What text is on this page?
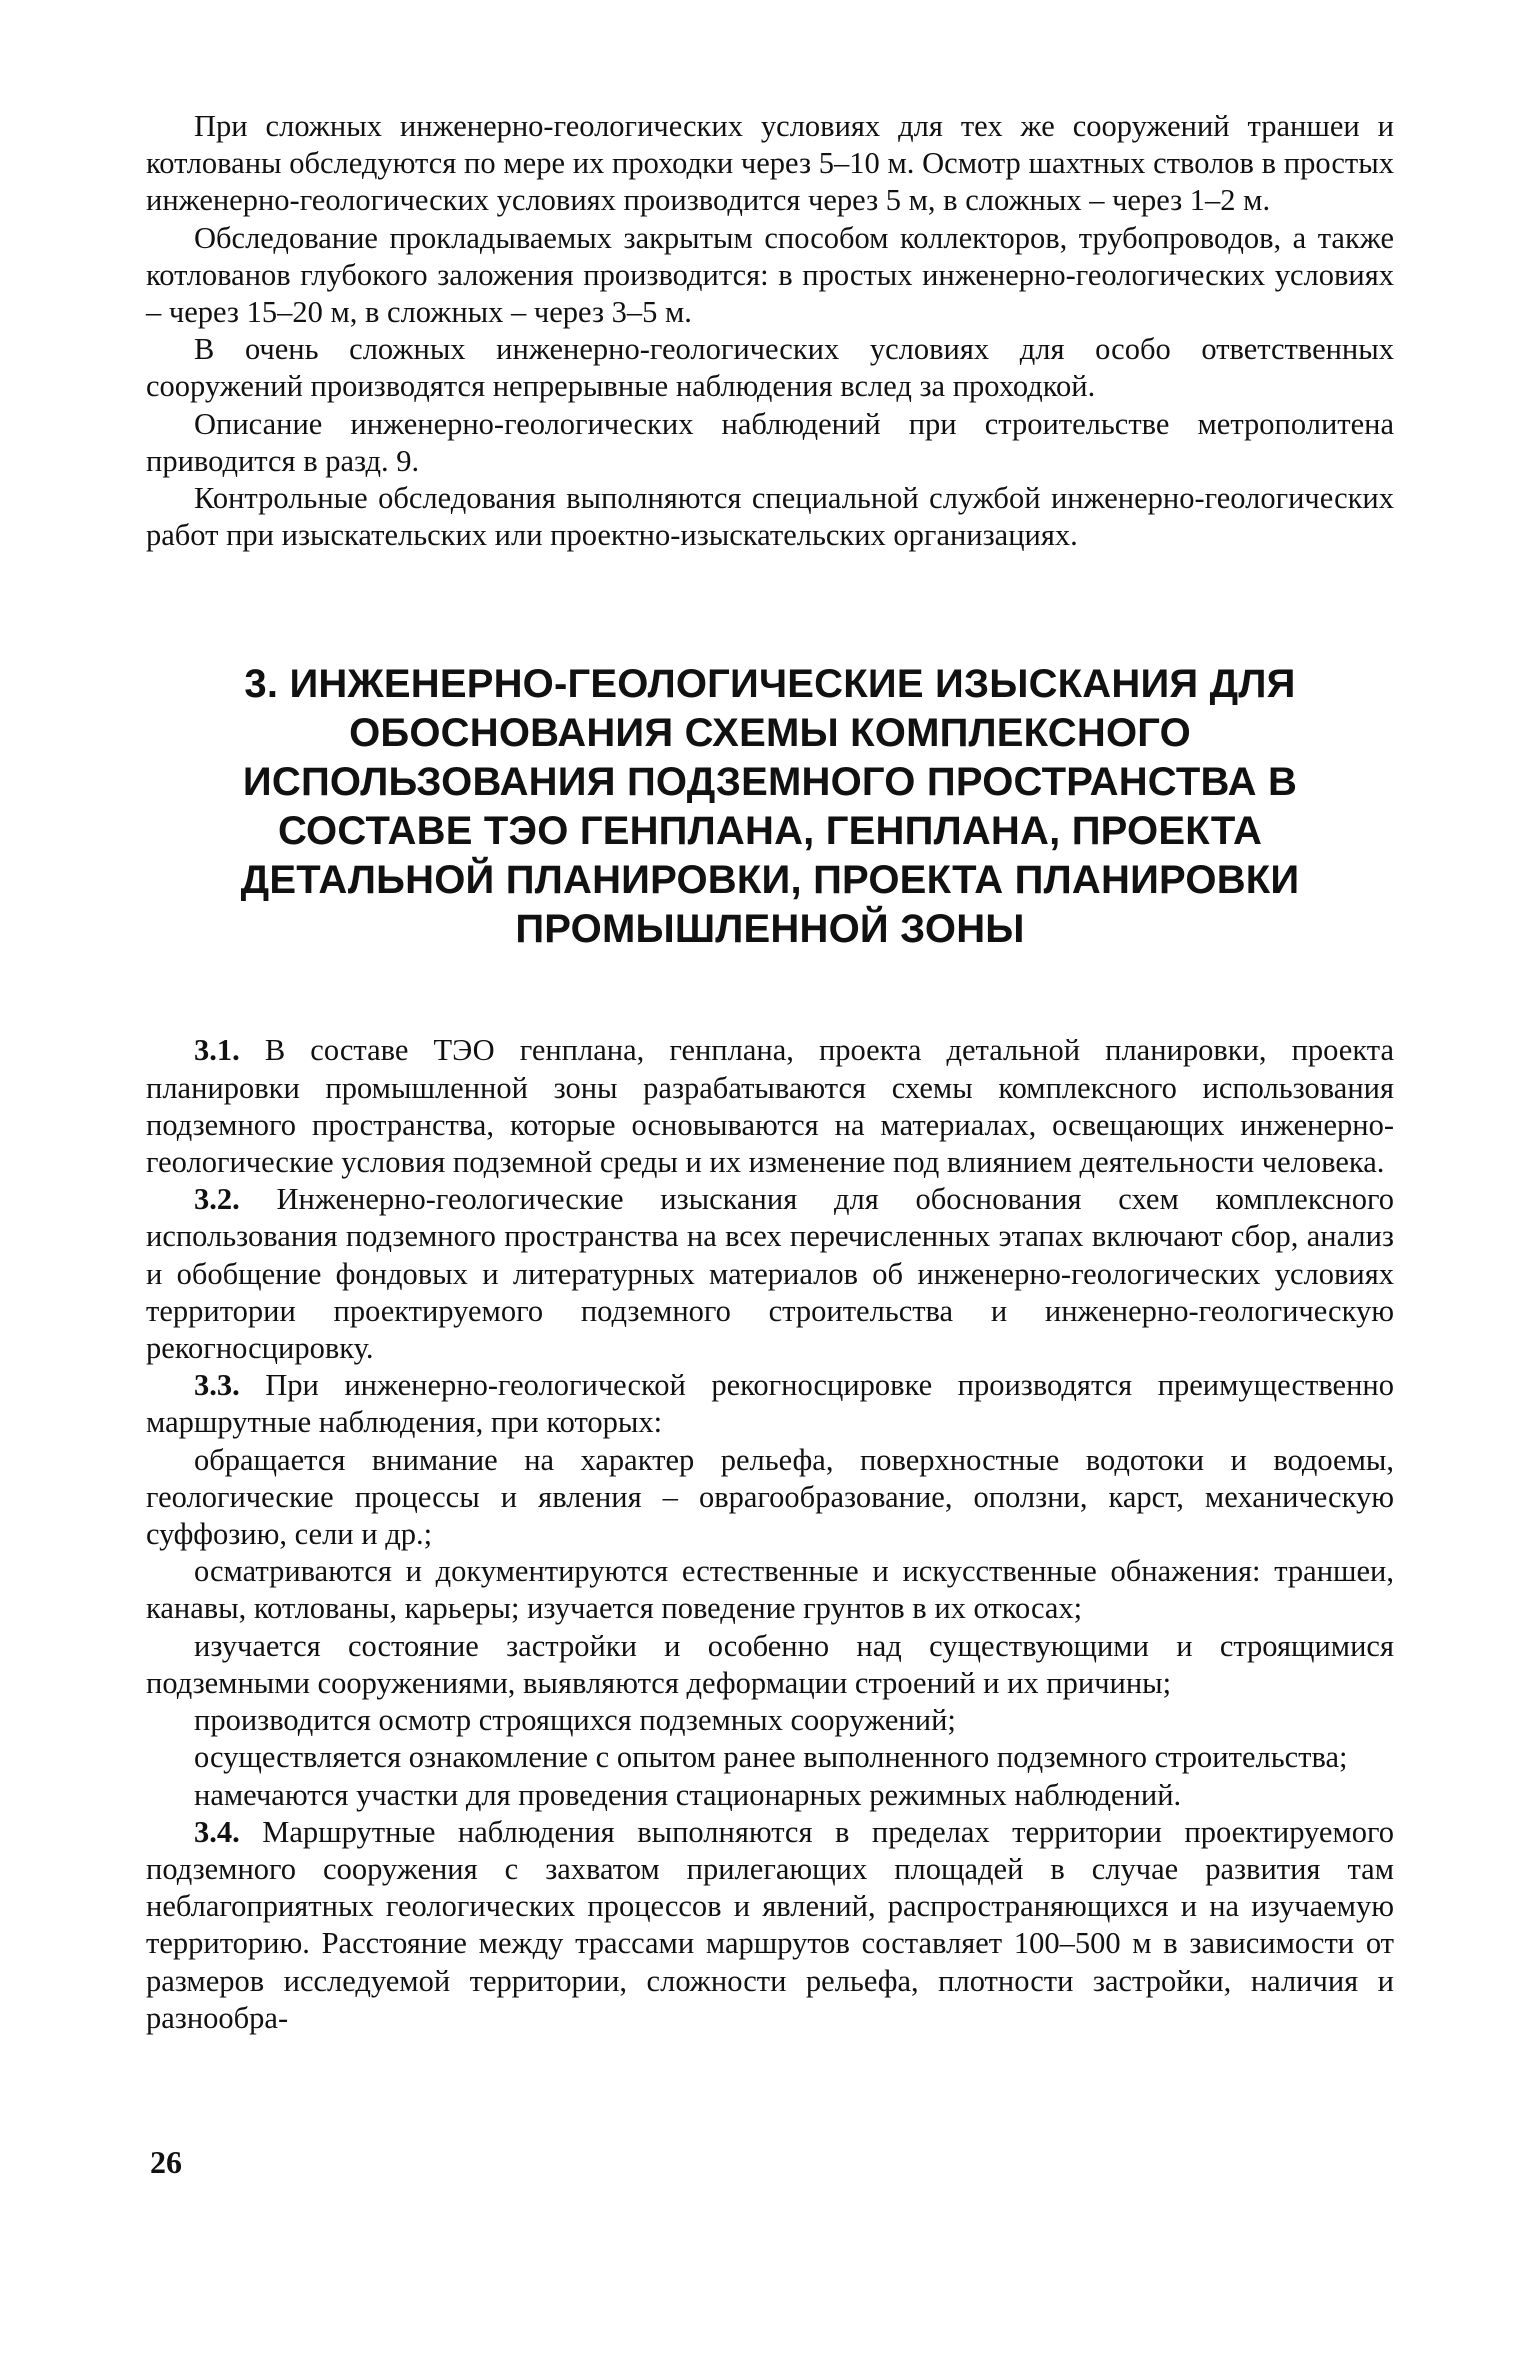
При сложных инженерно-геологических условиях для тех же сооружений траншеи и котлованы обследуются по мере их проходки через 5–10 м. Осмотр шахтных стволов в простых инженерно-геологических условиях производится через 5 м, в сложных – через 1–2 м.

Обследование прокладываемых закрытым способом коллекторов, трубопроводов, а также котлованов глубокого заложения производится: в простых инженерно-геологических условиях – через 15–20 м, в сложных – через 3–5 м.

В очень сложных инженерно-геологических условиях для особо ответственных сооружений производятся непрерывные наблюдения вслед за проходкой.

Описание инженерно-геологических наблюдений при строительстве метрополитена приводится в разд. 9.

Контрольные обследования выполняются специальной службой инженерно-геологических работ при изыскательских или проектно-изыскательских организациях.

3. ИНЖЕНЕРНО-ГЕОЛОГИЧЕСКИЕ ИЗЫСКАНИЯ ДЛЯ
ОБОСНОВАНИЯ СХЕМЫ КОМПЛЕКСНОГО
ИСПОЛЬЗОВАНИЯ ПОДЗЕМНОГО ПРОСТРАНСТВА В
СОСТАВЕ ТЭО ГЕНПЛАНА, ГЕНПЛАНА, ПРОЕКТА
ДЕТАЛЬНОЙ ПЛАНИРОВКИ, ПРОЕКТА ПЛАНИРОВКИ
ПРОМЫШЛЕННОЙ ЗОНЫ

3.1. В составе ТЭО генплана, генплана, проекта детальной планировки, проекта планировки промышленной зоны разрабатываются схемы комплексного использования подземного пространства, которые основываются на материалах, освещающих инженерно-геологические условия подземной среды и их изменение под влиянием деятельности человека.

3.2. Инженерно-геологические изыскания для обоснования схем комплексного использования подземного пространства на всех перечисленных этапах включают сбор, анализ и обобщение фондовых и литературных материалов об инженерно-геологических условиях территории проектируемого подземного строительства и инженерно-геологическую рекогносцировку.

3.3. При инженерно-геологической рекогносцировке производятся преимущественно маршрутные наблюдения, при которых:

обращается внимание на характер рельефа, поверхностные водотоки и водоемы, геологические процессы и явления – оврагообразование, оползни, карст, механическую суффозию, сели и др.;

осматриваются и документируются естественные и искусственные обнажения: траншеи, канавы, котлованы, карьеры; изучается поведение грунтов в их откосах;

изучается состояние застройки и особенно над существующими и строящимися подземными сооружениями, выявляются деформации строений и их причины;

производится осмотр строящихся подземных сооружений;

осуществляется ознакомление с опытом ранее выполненного подземного строительства;

намечаются участки для проведения стационарных режимных наблюдений.

3.4. Маршрутные наблюдения выполняются в пределах территории проектируемого подземного сооружения с захватом прилегающих площадей в случае развития там неблагоприятных геологических процессов и явлений, распространяющихся и на изучаемую территорию. Расстояние между трассами маршрутов составляет 100–500 м в зависимости от размеров исследуемой территории, сложности рельефа, плотности застройки, наличия и разнообра-

26
